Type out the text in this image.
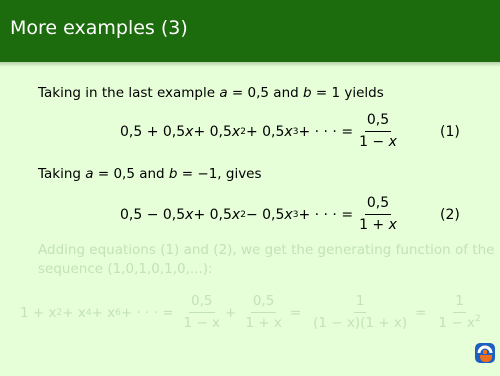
More examples (3)
Taking in the last example a = 0,5 and b = 1 yields
0,5 + 0,5 x + 0,5 x 2 + 0,5 x 3 + · · · = $\frac{0,5}{1 - x}$	(1)
Taking a = 0,5 and b = −1, gives
0,5 − 0,5 x + 0,5 x 2 − 0,5 x 3 + · · · = $\frac{0,5}{1 + x}$	(2)
Adding equations (1) and (2), we get the generating function of the
sequence (1,0,1,0,1,0,...):
1 + x 2 + x 4 + x 6 + · · · = $\frac{0,5}{1 - x} + \frac{0,5}{1 + x} = \frac{1}{(1 - x)(1 + x)} = \frac{1}{1 - x^2}$
